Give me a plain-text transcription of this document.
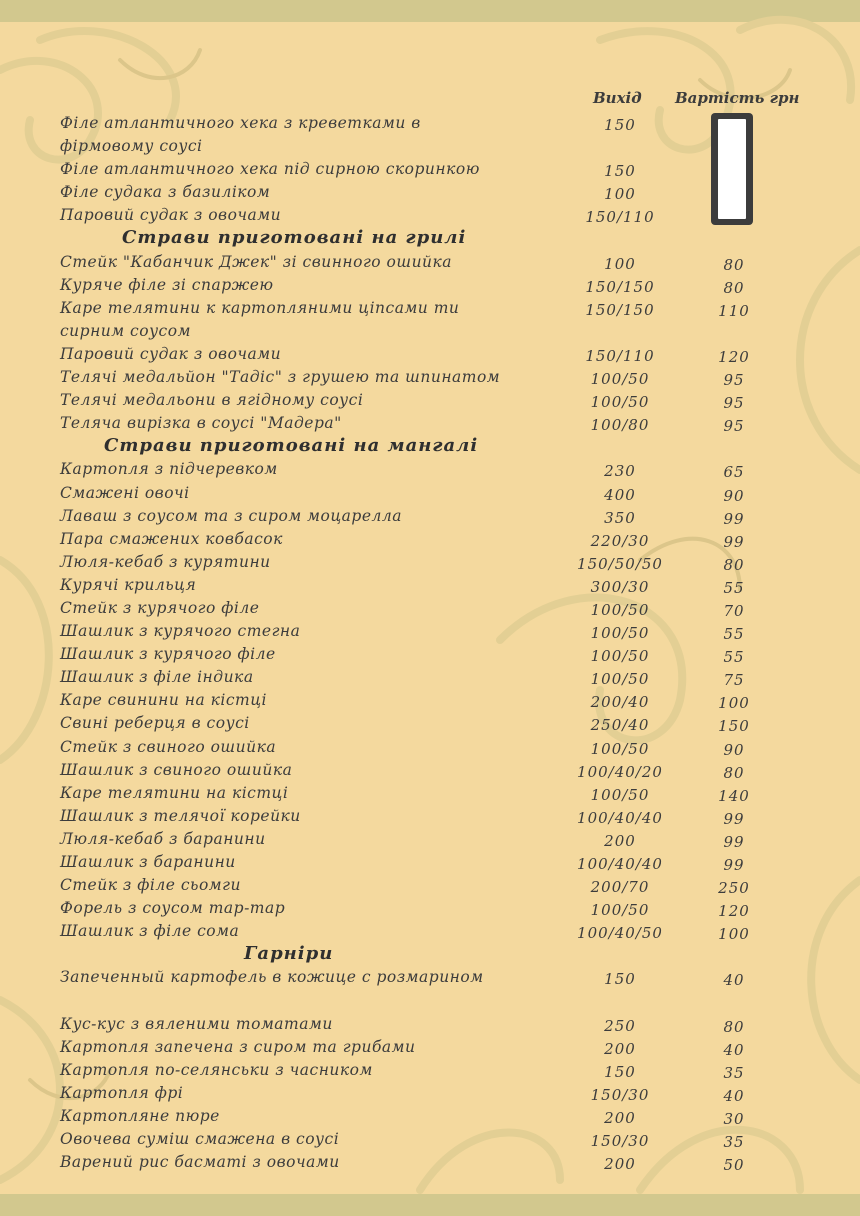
Вихід Вартість грн
Філе атлантичного хека з креветками в фірмовому соусі
150
Філе атлантичного хека під сирною скоринкою	150
Філе судака з базиліком	100
Паровий судак з овочами	150/110
Страви приготовані на грилі
Стейк "Кабанчик Джек" зі свинного ошийка	100	80
Куряче філе зі спаржею	150/150	80
Каре телятини к картопляними ціпсами ти сирним соусом
150/150	110
Паровий судак з овочами	150/110	120
Телячі медальйон "Тадіс" з грушею та шпинатом	100/50	95
Телячі медальони в ягідному соусі	100/50	95
Теляча вирізка в соусі "Мадера"	100/80	95
Страви приготовані на мангалі
Картопля з підчеревком	230	65
Смажені овочі	400	90
Лаваш з соусом та з сиром моцарелла	350	99
Пара смажених ковбасок	220/30	99
Люля-кебаб з курятини	150/50/50	80
Курячі крильця	300/30	55
Стейк з курячого філе	100/50	70
Шашлик з курячого стегна	100/50	55
Шашлик з курячого філе	100/50	55
Шашлик з філе індика	100/50	75
Каре свинини на кістці	200/40	100
Свині реберця в соусі	250/40	150
Стейк з свиного ошийка	100/50	90
Шашлик з свиного ошийка	100/40/20	80
Каре телятини на кістці	100/50	140
Шашлик з телячої корейки	100/40/40	99
Люля-кебаб з баранини	200	99
Шашлик з баранини	100/40/40	99
Стейк з філе сьомги	200/70	250
Форель з соусом тар-тар	100/50	120
Шашлик з філе сома	100/40/50	100
Гарніри
Запеченный картофель в кожице с розмарином	150	40
Кус-кус з вяленими томатами	250	80
Картопля запечена з сиром та грибами	200	40
Картопля по-селянськи з часником	150	35
Картопля фрі	150/30	40
Картопляне пюре	200	30
Овочева суміш смажена в соусі	150/30	35
Варений рис басматі з овочами	200	50
